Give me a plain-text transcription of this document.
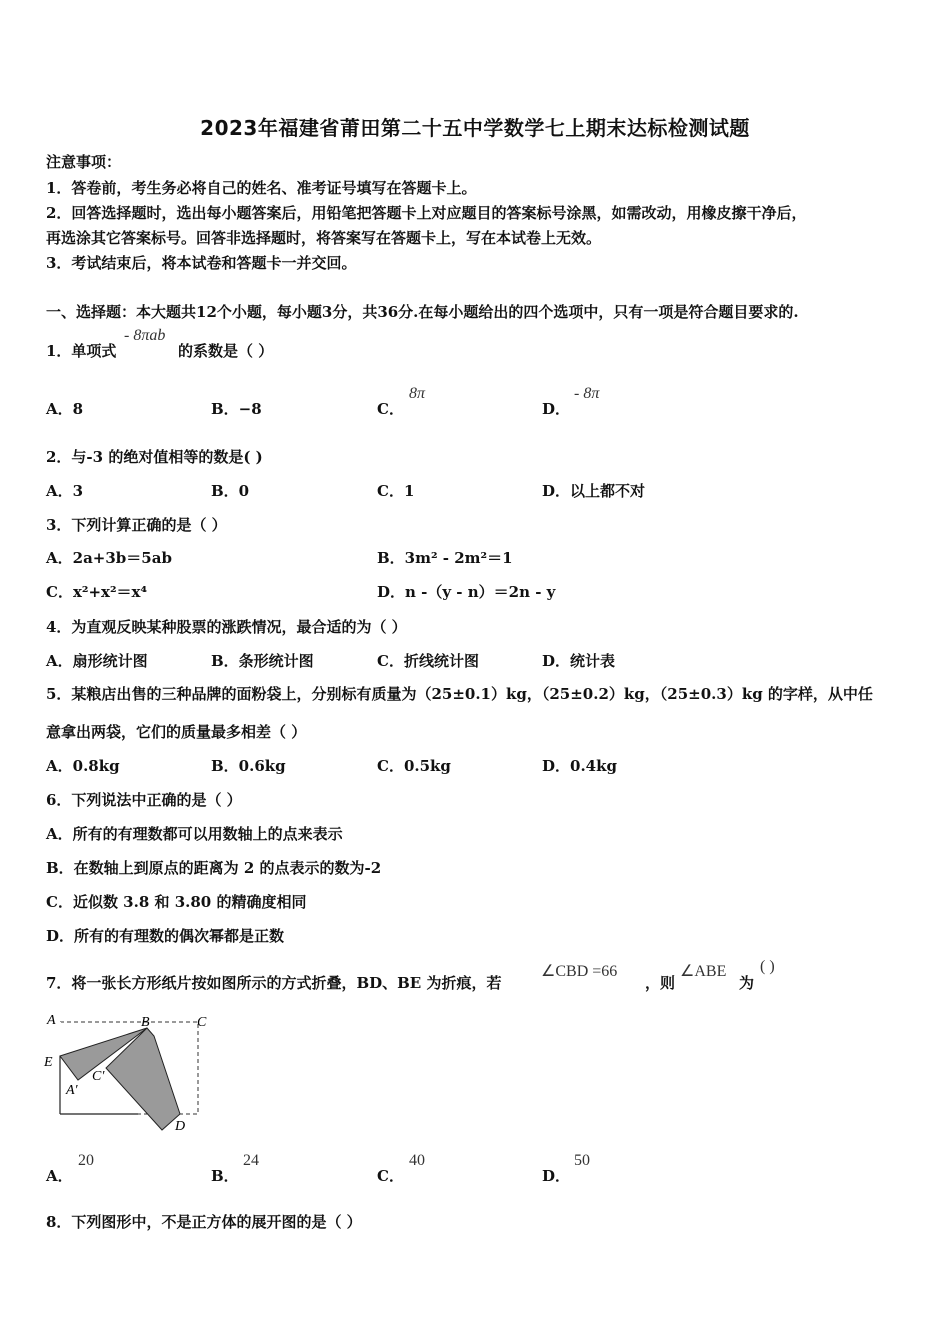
2023年福建省莆田第二十五中学数学七上期末达标检测试题
注意事项：
1．答卷前，考生务必将自己的姓名、准考证号填写在答题卡上。
2．回答选择题时，选出每小题答案后，用铅笔把答题卡上对应题目的答案标号涂黑，如需改动，用橡皮擦干净后，
再选涂其它答案标号。回答非选择题时，将答案写在答题卡上，写在本试卷上无效。
3．考试结束后，将本试卷和答题卡一并交回。
一、选择题：本大题共12个小题，每小题3分，共36分.在每小题给出的四个选项中，只有一项是符合题目要求的.
1．单项式
- 8πab
的系数是（ ）
A．8	B．−8	C．
8π
D．
- 8π
2．与-3 的绝对值相等的数是( )
A．3	B．0	C．1	D．以上都不对
3．下列计算正确的是（ ）
A．2a+3b＝5ab	B．3m² - 2m²＝1
C．x²+x²＝x⁴	D．n -（y - n）＝2n - y
4．为直观反映某种股票的涨跌情况，最合适的为（ ）
A．扇形统计图	B．条形统计图	C．折线统计图	D．统计表
5．某粮店出售的三种品牌的面粉袋上，分别标有质量为（25±0.1）kg，（25±0.2）kg，（25±0.3）kg 的字样，从中任
意拿出两袋，它们的质量最多相差（ ）
A．0.8kg	B．0.6kg	C．0.5kg	D．0.4kg
6．下列说法中正确的是（ ）
A．所有的有理数都可以用数轴上的点来表示
B．在数轴上到原点的距离为 2 的点表示的数为-2
C．近似数 3.8 和 3.80 的精确度相同
D．所有的有理数的偶次幂都是正数
7．将一张长方形纸片按如图所示的方式折叠，BD、BE 为折痕，若
∠CBD =66
，则
∠ABE
为
( )
A	B	C
E
A′
C′
D
A．
20
B．
24
C．
40
D．
50
8．下列图形中，不是正方体的展开图的是（ ）
